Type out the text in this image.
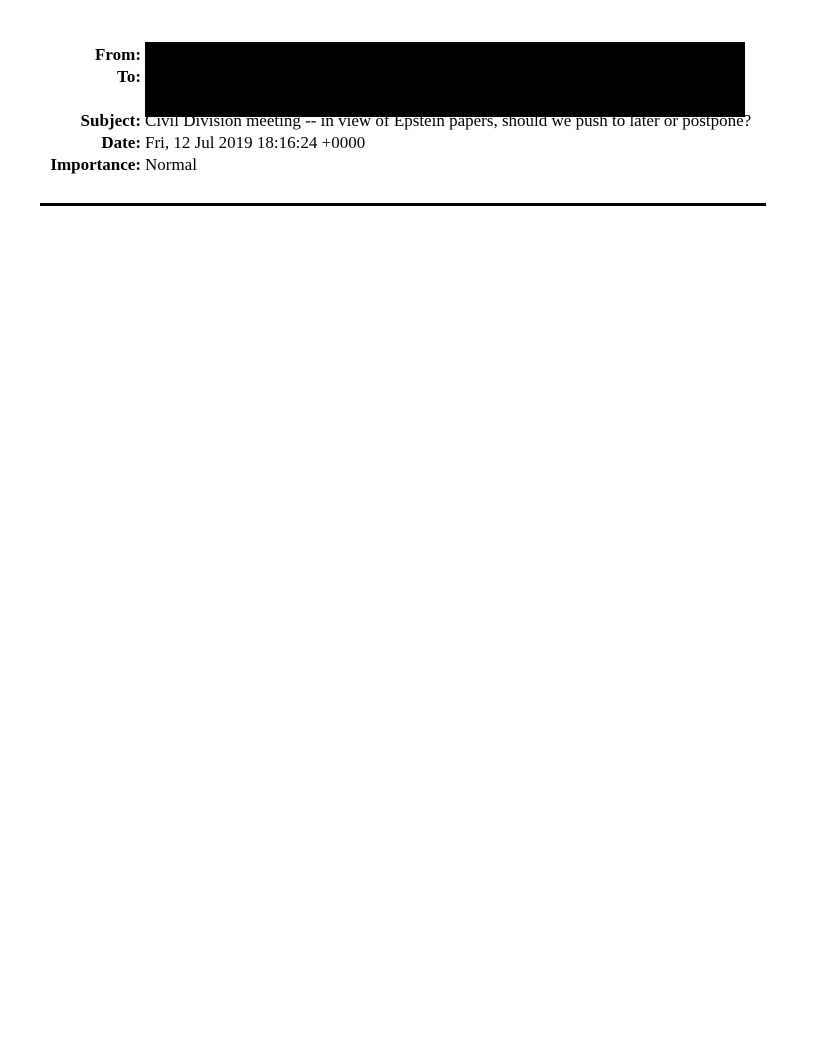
From:
To:
Subject: Civil Division meeting -- in view of Epstein papers, should we push to later or postpone?
Date: Fri, 12 Jul 2019 18:16:24 +0000
Importance: Normal
